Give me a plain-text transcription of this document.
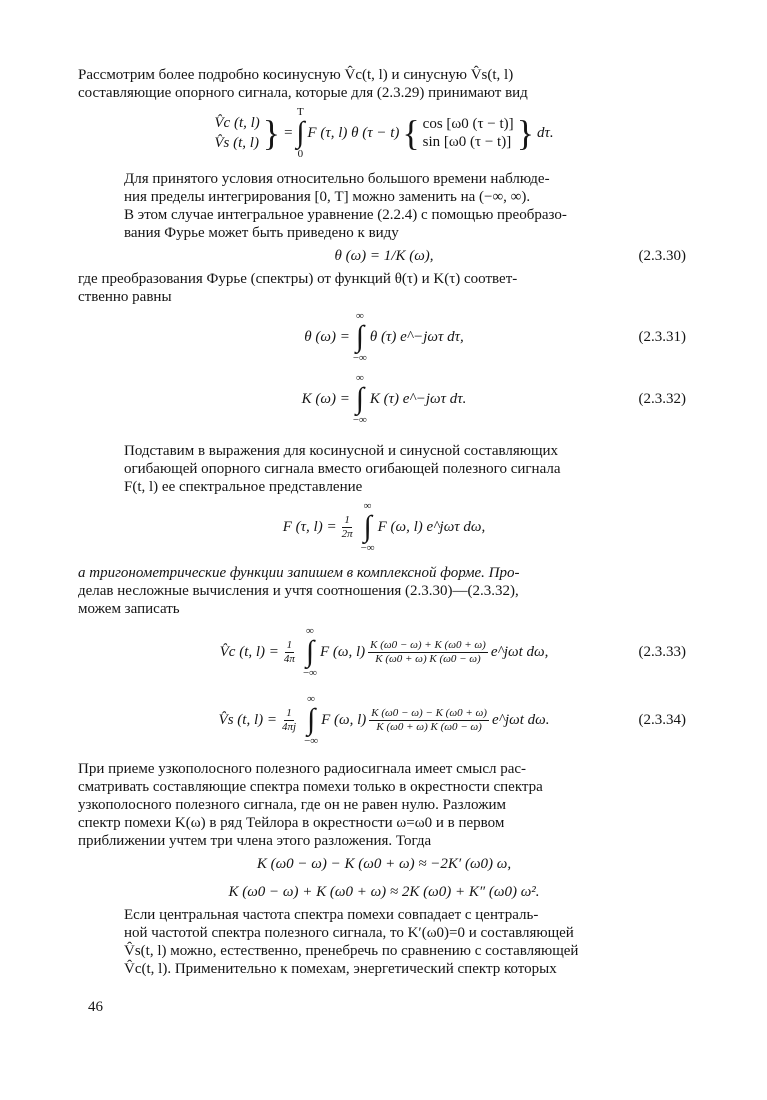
Рассмотрим более подробно косинусную V̂c(t, l) и синусную V̂s(t, l)
составляющие опорного сигнала, которые для (2.3.29) принимают вид

V̂c (t, l)
V̂s (t, l) } =
T
∫
0
F (τ, l) θ (τ − t) { cos [ω0 (τ − t)]
sin [ω0 (τ − t)] } dτ.

Для принятого условия относительно большого времени наблюде-
ния пределы интегрирования [0, T] можно заменить на (−∞, ∞).
В этом случае интегральное уравнение (2.2.4) с помощью преобразо-
вания Фурье может быть приведено к виду

θ (ω) = 1/K (ω),	(2.3.30)

где преобразования Фурье (спектры) от функций θ(τ) и K(τ) соответ-
ственно равны

θ (ω) =
∞
∫
−∞
θ (τ) e^−jωτ dτ,	(2.3.31)
K (ω) =
∞
∫
−∞
K (τ) e^−jωτ dτ.	(2.3.32)

Подставим в выражения для косинусной и синусной составляющих
огибающей опорного сигнала вместо огибающей полезного сигнала
F(t, l) ее спектральное представление

F (τ, $l) = \frac{1}{2\pi}$
∞
∫
−∞
F (ω, l) e^jωτ dω,

а тригонометрические функции запишем в комплексной форме. Про-
делав несложные вычисления и учтя соотношения (2.3.30)—(2.3.32),
можем записать

V̂c (t, $l) = \frac{1}{4\pi}$
∞
∫
−∞
F (ω, $l) \frac{K (\omega 0 - \omega) + K (\omega 0 + \omega)}{K (\omega 0 + \omega) K (\omega 0 - \omega)}$ e^jωt dω,	(2.3.33)
V̂s (t, $l) = \frac{1}{4\pi j}$
∞
∫
−∞
F (ω, $l) \frac{K (\omega 0 - \omega) - K (\omega 0 + \omega)}{K (\omega 0 + \omega) K (\omega 0 - \omega)}$ e^jωt dω.	(2.3.34)

При приеме узкополосного полезного радиосигнала имеет смысл рас-
сматривать составляющие спектра помехи только в окрестности спектра
узкополосного полезного сигнала, где он не равен нулю. Разложим
спектр помехи K(ω) в ряд Тейлора в окрестности ω=ω0 и в первом
приближении учтем три члена этого разложения. Тогда

K (ω0 − ω) − K (ω0 + ω) ≈ −2K′ (ω0) ω,
K (ω0 − ω) + K (ω0 + ω) ≈ 2K (ω0) + K″ (ω0) ω².

Если центральная частота спектра помехи совпадает с централь-
ной частотой спектра полезного сигнала, то K′(ω0)=0 и составляющей
V̂s(t, l) можно, естественно, пренебречь по сравнению с составляющей
V̂c(t, l). Применительно к помехам, энергетический спектр которых

46
